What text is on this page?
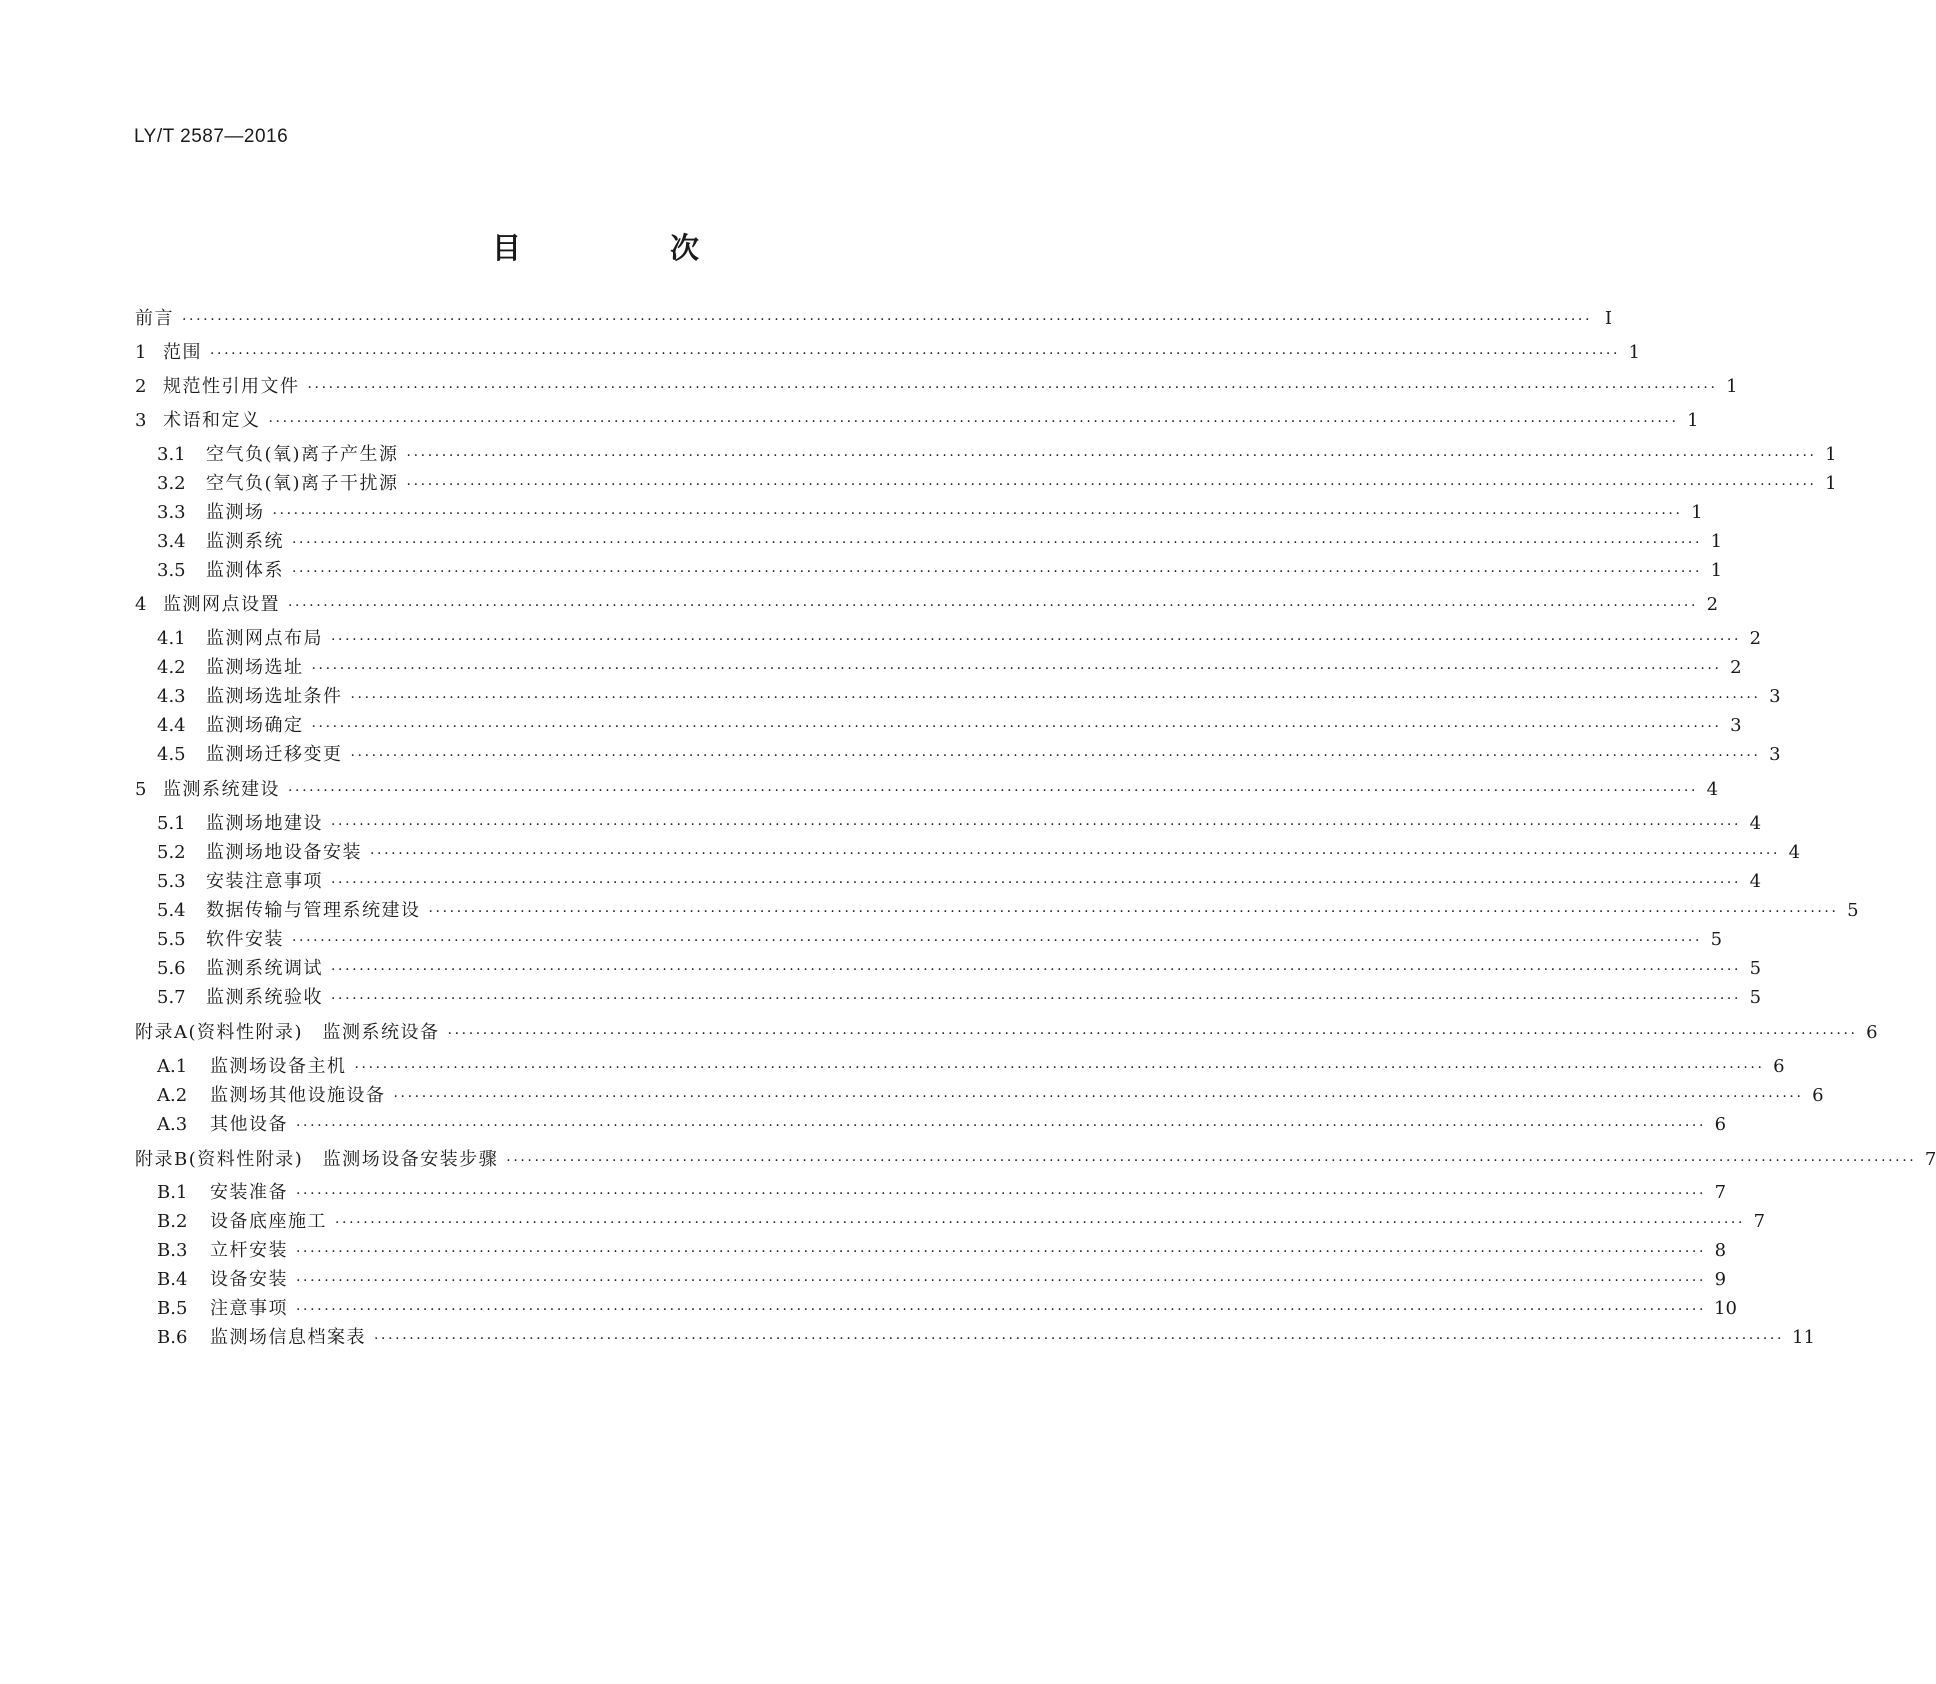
LY/T 2587—2016
目　次
前言 ········································································································································································································ Ⅰ
1 范围 ········································································································································································································ 1
2 规范性引用文件 ········································································································································································································ 1
3 术语和定义 ········································································································································································································ 1
3.1	空气负(氧)离子产生源 ········································································································································································································ 1
3.2	空气负(氧)离子干扰源 ········································································································································································································ 1
3.3	监测场 ········································································································································································································ 1
3.4	监测系统 ········································································································································································································ 1
3.5	监测体系 ········································································································································································································ 1
4 监测网点设置 ········································································································································································································ 2
4.1	监测网点布局 ········································································································································································································ 2
4.2	监测场选址 ········································································································································································································ 2
4.3	监测场选址条件 ········································································································································································································ 3
4.4	监测场确定 ········································································································································································································ 3
4.5	监测场迁移变更 ········································································································································································································ 3
5 监测系统建设 ········································································································································································································ 4
5.1	监测场地建设 ········································································································································································································ 4
5.2	监测场地设备安装 ········································································································································································································ 4
5.3	安装注意事项 ········································································································································································································ 4
5.4	数据传输与管理系统建设 ········································································································································································································ 5
5.5	软件安装 ········································································································································································································ 5
5.6	监测系统调试 ········································································································································································································ 5
5.7	监测系统验收 ········································································································································································································ 5
附录A(资料性附录)　监测系统设备 ········································································································································································································ 6
A.1	监测场设备主机 ········································································································································································································ 6
A.2	监测场其他设施设备 ········································································································································································································ 6
A.3	其他设备 ········································································································································································································ 6
附录B(资料性附录)　监测场设备安装步骤 ········································································································································································································ 7
B.1	安装准备 ········································································································································································································ 7
B.2	设备底座施工 ········································································································································································································ 7
B.3	立杆安装 ········································································································································································································ 8
B.4	设备安装 ········································································································································································································ 9
B.5	注意事项 ········································································································································································································ 10
B.6	监测场信息档案表 ········································································································································································································ 11
